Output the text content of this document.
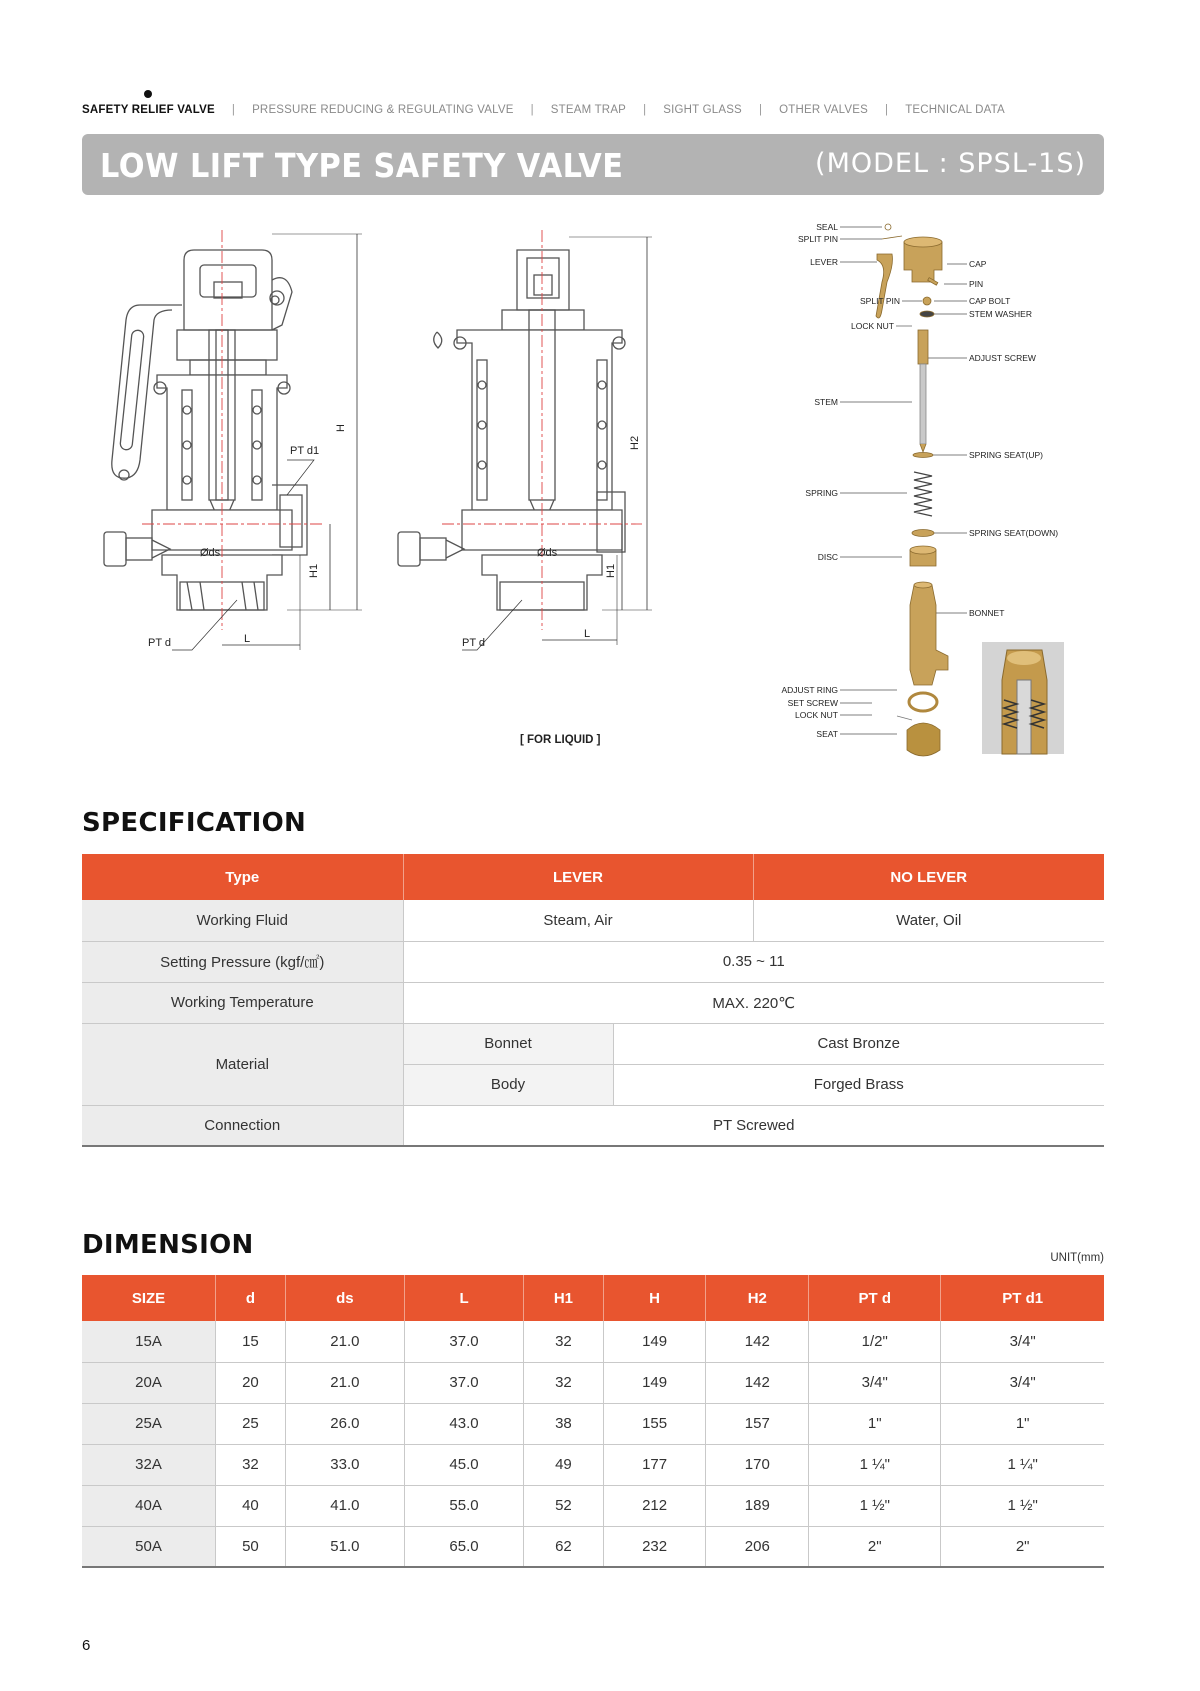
SAFETY RELIEF VALVE | PRESSURE REDUCING & REGULATING VALVE | STEAM TRAP | SIGHT GLASS | OTHER VALVES | TECHNICAL DATA
LOW LIFT TYPE SAFETY VALVE	(MODEL : SPSL-1S)
H
H1
L
PT d
PT d1
Øds
H2
H1
L
PT d
Øds
[ FOR LIQUID ]
SEAL
SPLIT PIN
LEVER
SPLIT PIN
LOCK NUT
STEM
SPRING
DISC
ADJUST RING
SET SCREW
LOCK NUT
SEAT
CAP
PIN
CAP BOLT
STEM WASHER
ADJUST SCREW
SPRING SEAT(UP)
SPRING SEAT(DOWN)
BONNET
SPECIFICATION
Type	LEVER		NO LEVER
Working Fluid	Steam, Air		Water, Oil
Setting Pressure (kgf/㎠)	0.35 ~ 11		
Working Temperature	MAX. 220℃		
Material	Bonnet	Cast Bronze	
	Body	Forged Brass	
Connection	PT Screwed		
DIMENSION	UNIT(mm)
SIZE	d	ds	L	H1	H	H2	PT d	PT d1
15A	15	21.0	37.0	32	149	142	1/2"	3/4"
20A	20	21.0	37.0	32	149	142	3/4"	3/4"
25A	25	26.0	43.0	38	155	157	1"	1"
32A	32	33.0	45.0	49	177	170	1 ¼"	1 ¼"
40A	40	41.0	55.0	52	212	189	1 ½"	1 ½"
50A	50	51.0	65.0	62	232	206	2"	2"
6
